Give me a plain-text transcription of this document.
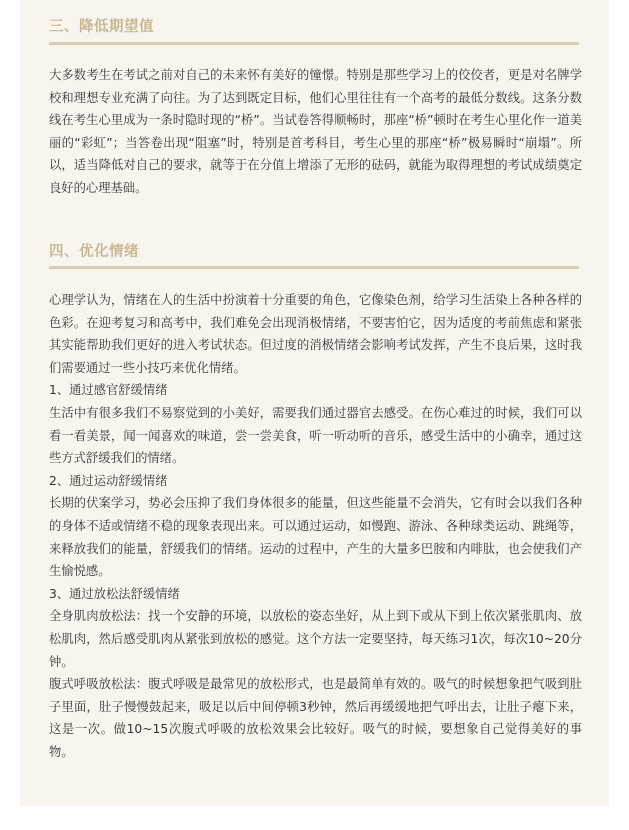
三、降低期望值

大多数考生在考试之前对自己的未来怀有美好的憧憬。特别是那些学习上的佼佼者，更是对名牌学校和理想专业充满了向往。为了达到既定目标，他们心里往往有一个高考的最低分数线。这条分数线在考生心里成为一条时隐时现的“桥”。当试卷答得顺畅时，那座“桥”顿时在考生心里化作一道美丽的“彩虹”；当答卷出现“阻塞”时，特别是首考科目，考生心里的那座“桥”极易瞬时“崩塌”。所以，适当降低对自己的要求，就等于在分值上增添了无形的砝码，就能为取得理想的考试成绩奠定良好的心理基础。

四、优化情绪
心理学认为，情绪在人的生活中扮演着十分重要的角色，它像染色剂，给学习生活染上各种各样的色彩。在迎考复习和高考中，我们难免会出现消极情绪，不要害怕它，因为适度的考前焦虑和紧张其实能帮助我们更好的进入考试状态。但过度的消极情绪会影响考试发挥，产生不良后果，这时我们需要通过一些小技巧来优化情绪。
1、通过感官舒缓情绪
生活中有很多我们不易察觉到的小美好，需要我们通过器官去感受。在伤心难过的时候，我们可以看一看美景，闻一闻喜欢的味道，尝一尝美食，听一听动听的音乐，感受生活中的小确幸，通过这些方式舒缓我们的情绪。
2、通过运动舒缓情绪
长期的伏案学习，势必会压抑了我们身体很多的能量，但这些能量不会消失，它有时会以我们各种的身体不适或情绪不稳的现象表现出来。可以通过运动，如慢跑、游泳、各种球类运动、跳绳等，来释放我们的能量，舒缓我们的情绪。运动的过程中，产生的大量多巴胺和内啡肽，也会使我们产生愉悦感。
3、通过放松法舒缓情绪
全身肌肉放松法：找一个安静的环境，以放松的姿态坐好，从上到下或从下到上依次紧张肌肉、放松肌肉，然后感受肌肉从紧张到放松的感觉。这个方法一定要坚持，每天练习1次，每次10~20分钟。
腹式呼吸放松法：腹式呼吸是最常见的放松形式，也是最简单有效的。吸气的时候想象把气吸到肚子里面，肚子慢慢鼓起来，吸足以后中间停顿3秒钟，然后再缓缓地把气呼出去，让肚子瘪下来，这是一次。做10~15次腹式呼吸的放松效果会比较好。吸气的时候，要想象自己觉得美好的事物。
